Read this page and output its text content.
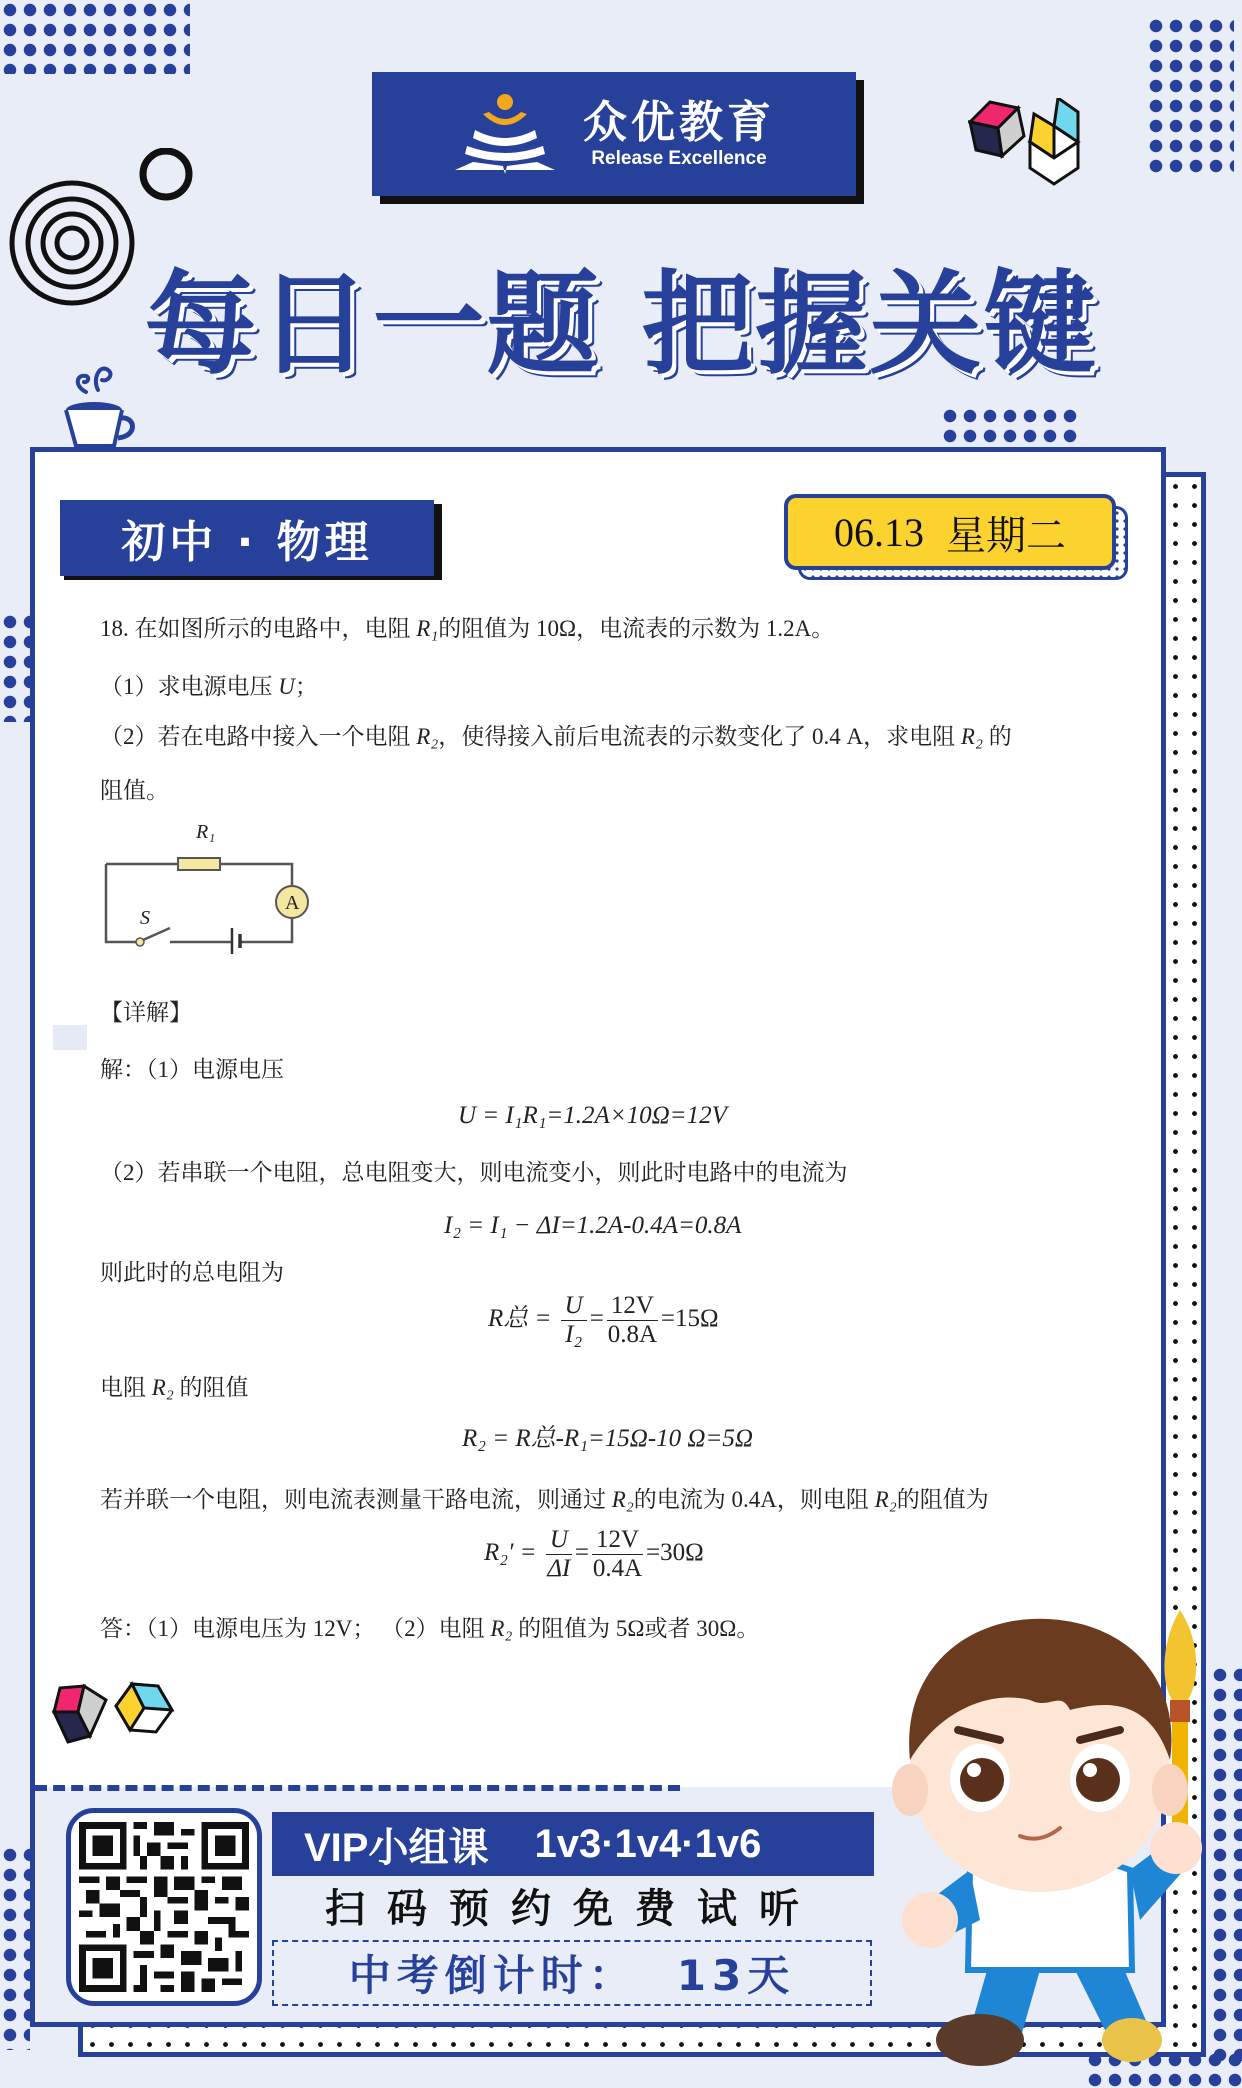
众优教育
Release Excellence
每日一题 把握关键
初中 · 物理	06.13 星期二
18. 在如图所示的电路中，电阻 R₁的阻值为 10Ω，电流表的示数为 1.2A。
（1）求电源电压 U；
（2）若在电路中接入一个电阻 R₂，使得接入前后电流表的示数变化了 0.4 A，求电阻 R₂ 的
阻值。
R₁
A
S
【详解】
解：（1）电源电压
U = I₁R₁=1.2A×10Ω=12V
（2）若串联一个电阻，总电阻变大，则电流变小，则此时电路中的电流为
I₂ = I₁ − ΔI=1.2A-0.4A=0.8A
则此时的总电阻为
R总 = $\frac{U}{\text{I₂}} = \frac{12V}{0.8A} =15\Omega$
电阻 R₂ 的阻值
R₂ = R总-R₁=15Ω-10 Ω=5Ω
若并联一个电阻，则电流表测量干路电流，则通过 R₂的电流为 0.4A，则电阻 R₂的阻值为
$R_2' = \frac{U}{\Delta I} = \frac{12V}{0.4A} =30\Omega$
答：（1）电源电压为 12V； （2）电阻 R₂ 的阻值为 5Ω或者 30Ω。
VIP小组课 1v3·1v4·1v6
扫码预约免费试听
中考倒计时： 13天
